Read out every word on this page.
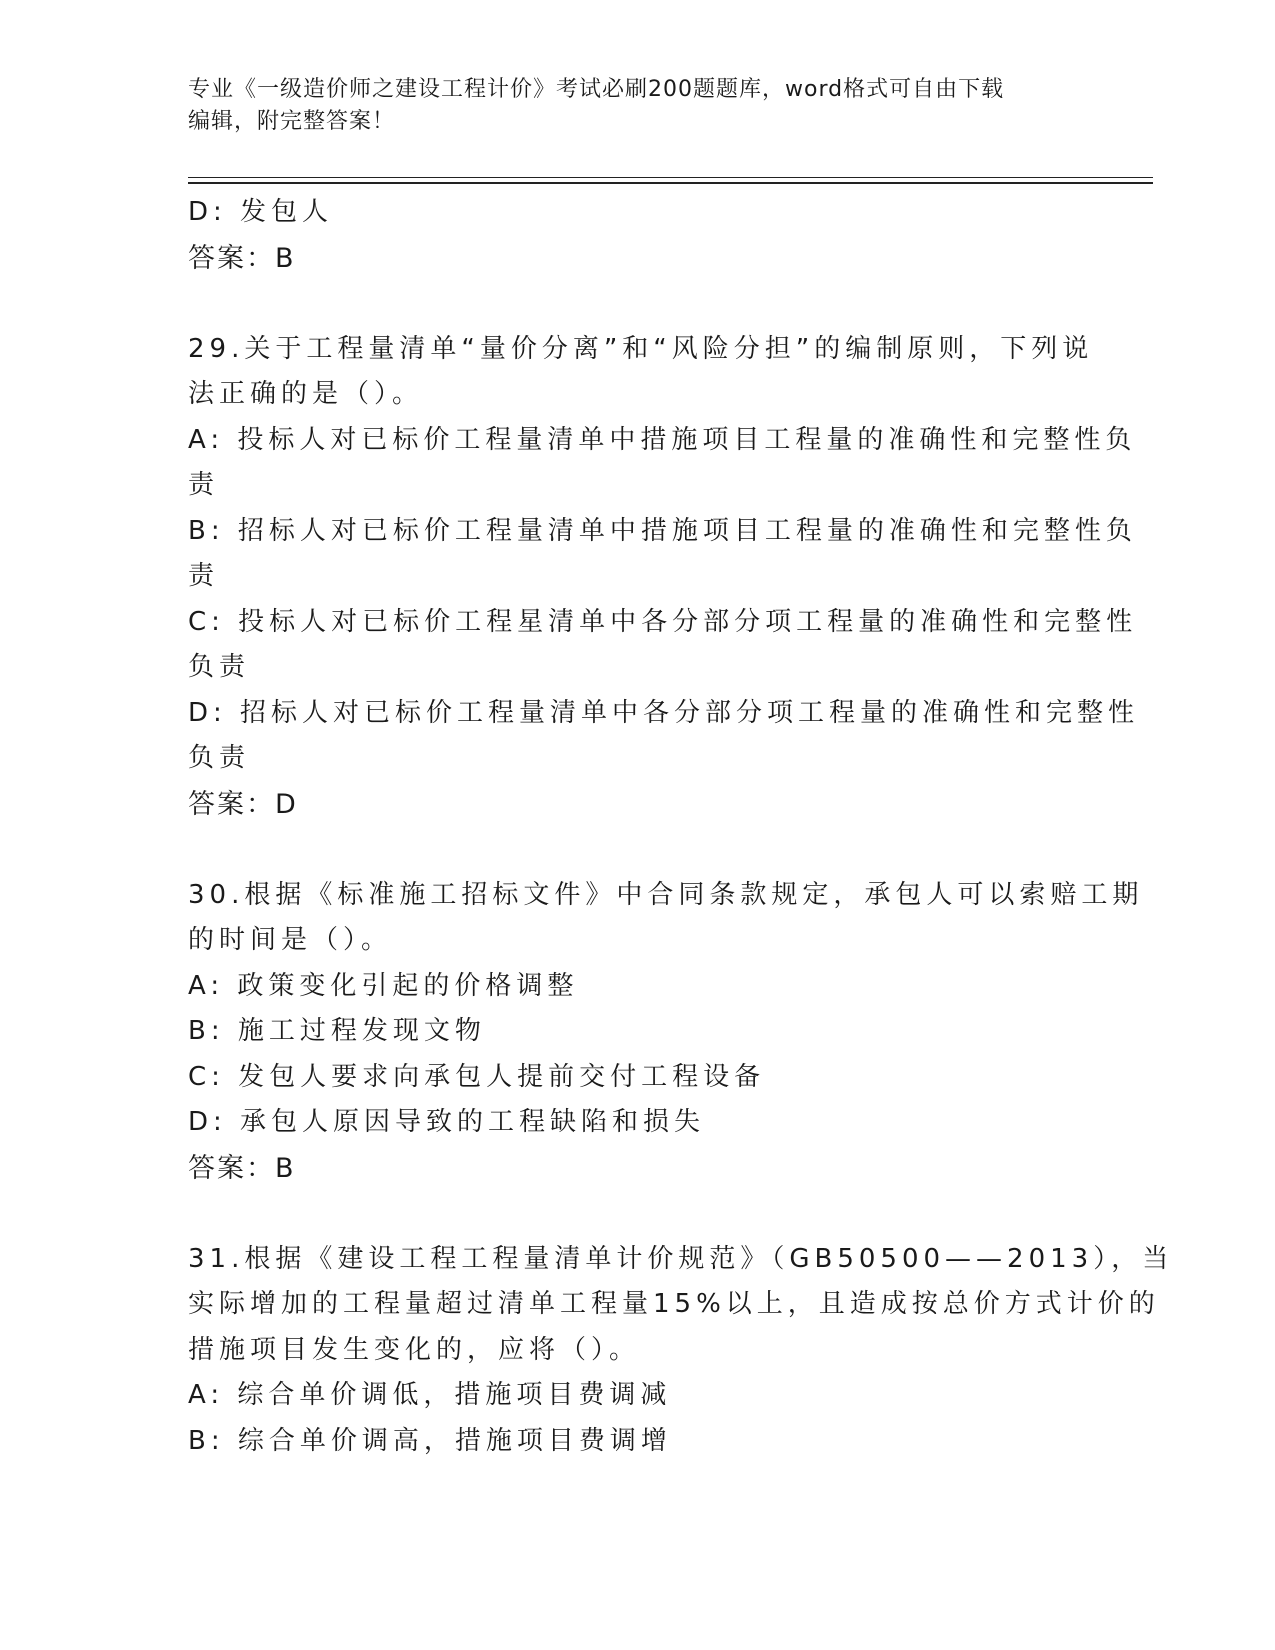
专业《一级造价师之建设工程计价》考试必刷200题题库，word格式可自由下载
编辑，附完整答案！
D: 发包人
答案：B
29.关于工程量清单“量价分离”和“风险分担”的编制原则，下列说
法正确的是（）。
A: 投标人对已标价工程量清单中措施项目工程量的准确性和完整性负
责
B: 招标人对已标价工程量清单中措施项目工程量的准确性和完整性负
责
C: 投标人对已标价工程星清单中各分部分项工程量的准确性和完整性
负责
D: 招标人对已标价工程量清单中各分部分项工程量的准确性和完整性
负责
答案：D
30.根据《标准施工招标文件》中合同条款规定，承包人可以索赔工期
的时间是（）。
A: 政策变化引起的价格调整
B: 施工过程发现文物
C: 发包人要求向承包人提前交付工程设备
D: 承包人原因导致的工程缺陷和损失
答案：B
31.根据《建设工程工程量清单计价规范》（GB50500——2013），当
实际增加的工程量超过清单工程量15%以上，且造成按总价方式计价的
措施项目发生变化的，应将（）。
A: 综合单价调低，措施项目费调减
B: 综合单价调高，措施项目费调增
